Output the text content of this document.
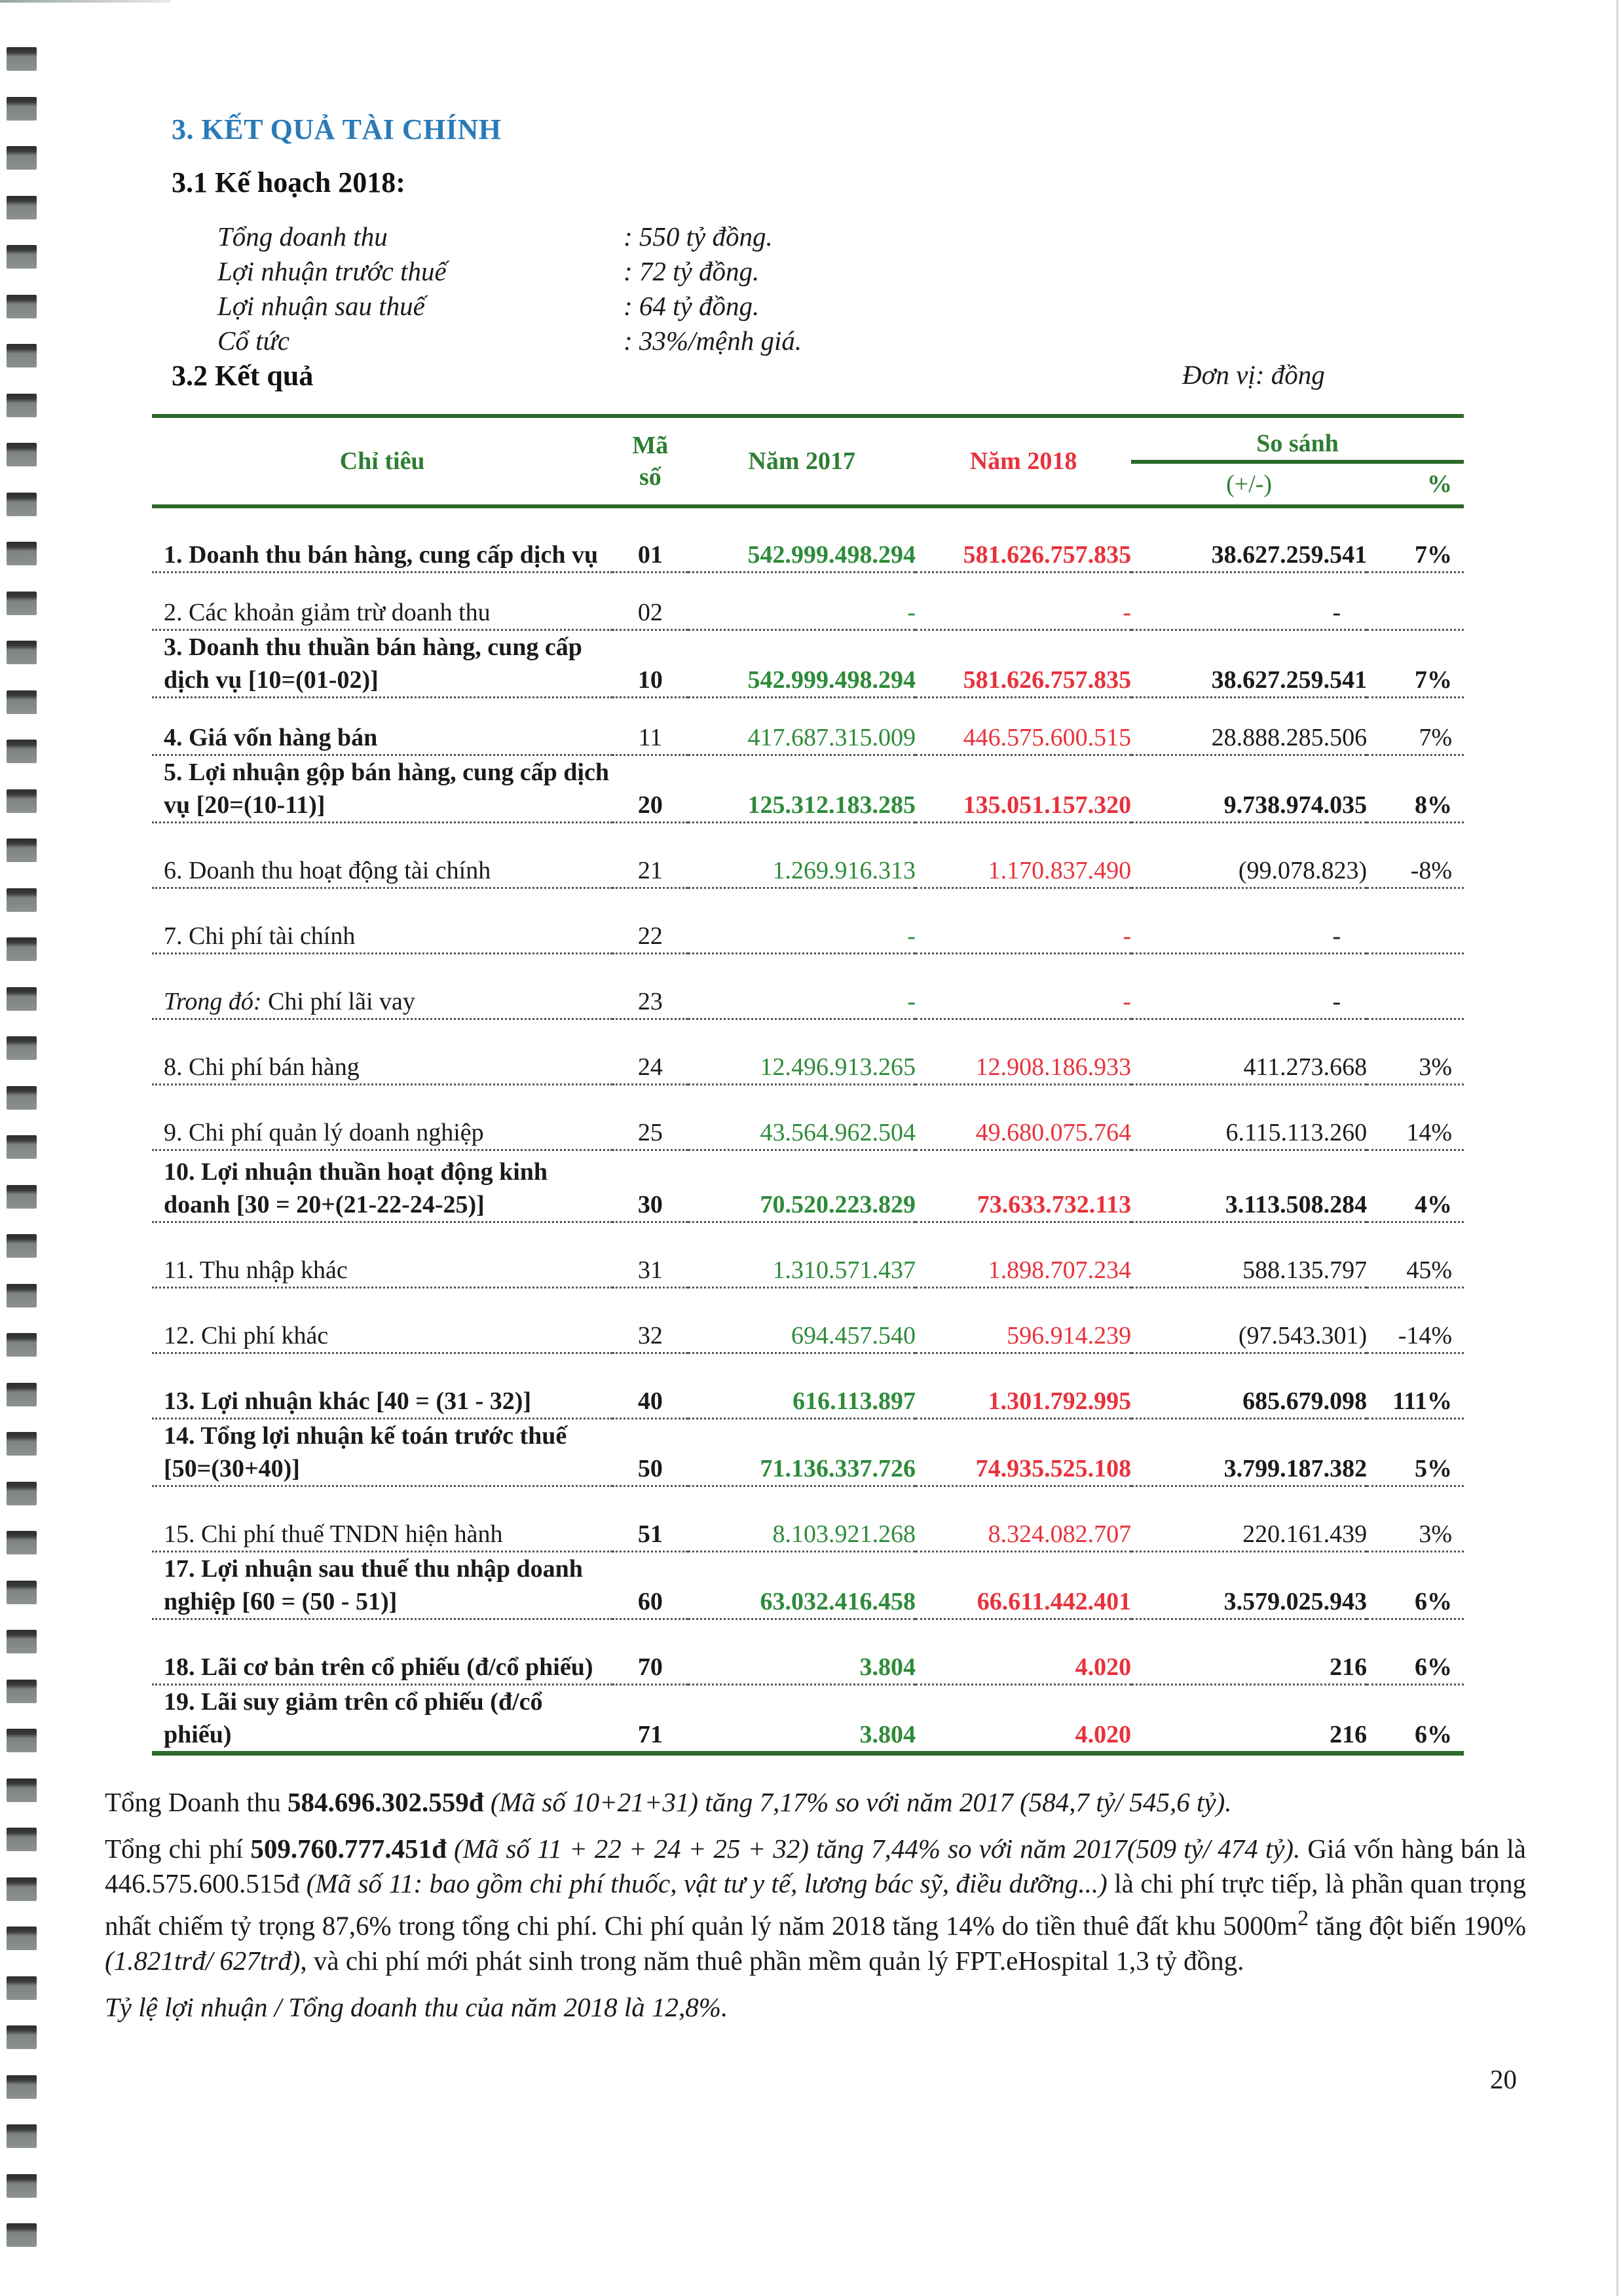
3. KẾT QUẢ TÀI CHÍNH
3.1 Kế hoạch 2018:
Tổng doanh thu	: 550 tỷ đồng.
Lợi nhuận trước thuế	: 72 tỷ đồng.
Lợi nhuận sau thuế	: 64 tỷ đồng.
Cổ tức	: 33%/mệnh giá.
3.2 Kết quả	Đơn vị: đồng
Chỉ tiêu	Mã
số	Năm 2017	Năm 2018	So sánh	
				(+/-)	%
1. Doanh thu bán hàng, cung cấp dịch vụ	01	542.999.498.294	581.626.757.835	38.627.259.541	7%
2. Các khoản giảm trừ doanh thu	02	-	-	-	
3. Doanh thu thuần bán hàng, cung cấp dịch vụ [10=(01-02)]	10	542.999.498.294	581.626.757.835	38.627.259.541	7%
4. Giá vốn hàng bán	11	417.687.315.009	446.575.600.515	28.888.285.506	7%
5. Lợi nhuận gộp bán hàng, cung cấp dịch vụ [20=(10-11)]	20	125.312.183.285	135.051.157.320	9.738.974.035	8%
6. Doanh thu hoạt động tài chính	21	1.269.916.313	1.170.837.490	(99.078.823)	-8%
7. Chi phí tài chính	22	-	-	-	
Trong đó: Chi phí lãi vay	23	-	-	-	
8. Chi phí bán hàng	24	12.496.913.265	12.908.186.933	411.273.668	3%
9. Chi phí quản lý doanh nghiệp	25	43.564.962.504	49.680.075.764	6.115.113.260	14%
10. Lợi nhuận thuần hoạt động kinh doanh [30 = 20+(21-22-24-25)]	30	70.520.223.829	73.633.732.113	3.113.508.284	4%
11. Thu nhập khác	31	1.310.571.437	1.898.707.234	588.135.797	45%
12. Chi phí khác	32	694.457.540	596.914.239	(97.543.301)	-14%
13. Lợi nhuận khác [40 = (31 - 32)]	40	616.113.897	1.301.792.995	685.679.098	111%
14. Tổng lợi nhuận kế toán trước thuế [50=(30+40)]	50	71.136.337.726	74.935.525.108	3.799.187.382	5%
15. Chi phí thuế TNDN hiện hành	51	8.103.921.268	8.324.082.707	220.161.439	3%
17. Lợi nhuận sau thuế thu nhập doanh nghiệp [60 = (50 - 51)]	60	63.032.416.458	66.611.442.401	3.579.025.943	6%
18. Lãi cơ bản trên cổ phiếu (đ/cổ phiếu)	70	3.804	4.020	216	6%
19. Lãi suy giảm trên cổ phiếu (đ/cổ phiếu)	71	3.804	4.020	216	6%

Tổng Doanh thu 584.696.302.559đ (Mã số 10+21+31) tăng 7,17% so với năm 2017 (584,7 tỷ/ 545,6 tỷ).

Tổng chi phí 509.760.777.451đ (Mã số 11 + 22 + 24 + 25 + 32) tăng 7,44% so với năm 2017(509 tỷ/ 474 tỷ). Giá vốn hàng bán là 446.575.600.515đ (Mã số 11: bao gồm chi phí thuốc, vật tư y tế, lương bác sỹ, điều dưỡng...) là chi phí trực tiếp, là phần quan trọng nhất chiếm tỷ trọng 87,6% trong tổng chi phí. Chi phí quản lý năm 2018 tăng 14% do tiền thuê đất khu $5000m^2$ tăng đột biến 190% (1.821trđ/ 627trđ), và chi phí mới phát sinh trong năm thuê phần mềm quản lý FPT.eHospital 1,3 tỷ đồng.

Tỷ lệ lợi nhuận / Tổng doanh thu của năm 2018 là 12,8%.

20
